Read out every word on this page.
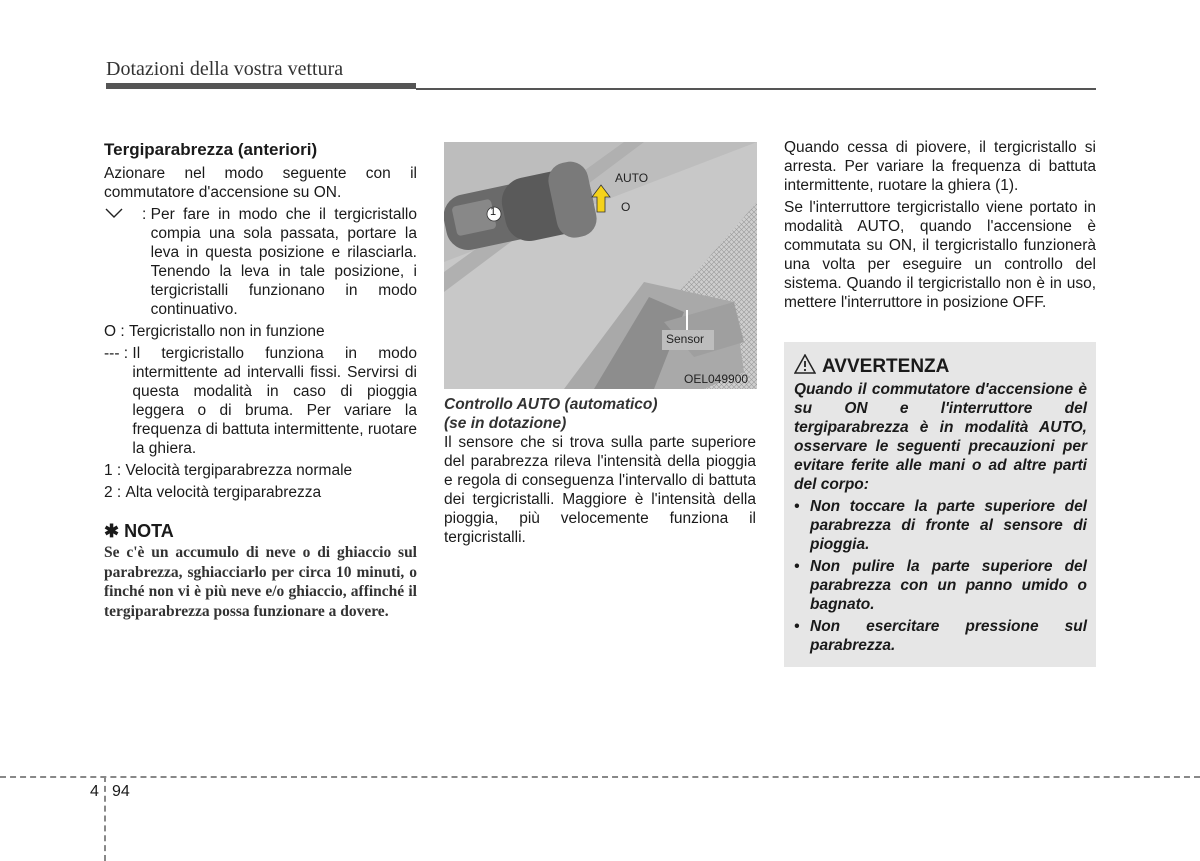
Dotazioni della vostra vettura
Tergiparabrezza (anteriori)

Azionare nel modo seguente con il commutatore d'accensione su ON.

: Per fare in modo che il tergicristallo compia una sola passata, portare la leva in questa posizione e rilasciarla. Tenendo la leva in tale posizione, i tergicristalli funzionano in modo continuativo.
O : Tergicristallo non in funzione
--- : Il tergicristallo funziona in modo intermittente ad intervalli fissi. Servirsi di questa modalità in caso di pioggia leggera o di bruma. Per variare la frequenza di battuta intermittente, ruotare la ghiera.
1 : Velocità tergiparabrezza normale
2 : Alta velocità tergiparabrezza
✱ NOTA
Se c'è un accumulo di neve o di ghiaccio sul parabrezza, sghiacciarlo per circa 10 minuti, o finché non vi è più neve e/o ghiaccio, affinché il tergiparabrezza possa funzionare a dovere.
AUTO
O
1
Sensor
OEL049900
Controllo AUTO (automatico)
(se in dotazione)

Il sensore che si trova sulla parte superiore del parabrezza rileva l'intensità della pioggia e regola di conseguenza l'intervallo di battuta dei tergicristalli. Maggiore è l'intensità della pioggia, più velocemente funziona il tergicristalli.

Quando cessa di piovere, il tergicristallo si arresta. Per variare la frequenza di battuta intermittente, ruotare la ghiera (1).

Se l'interruttore tergicristallo viene portato in modalità AUTO, quando l'accensione è commutata su ON, il tergicristallo funzionerà una volta per eseguire un controllo del sistema. Quando il tergicristallo non è in uso, mettere l'interruttore in posizione OFF.

AVVERTENZA

Quando il commutatore d'accensione è su ON e l'interruttore del tergiparabrezza è in modalità AUTO, osservare le seguenti precauzioni per evitare ferite alle mani o ad altre parti del corpo:

• Non toccare la parte superiore del parabrezza di fronte al sensore di pioggia.
• Non pulire la parte superiore del parabrezza con un panno umido o bagnato.
• Non esercitare pressione sul parabrezza.
4 94
